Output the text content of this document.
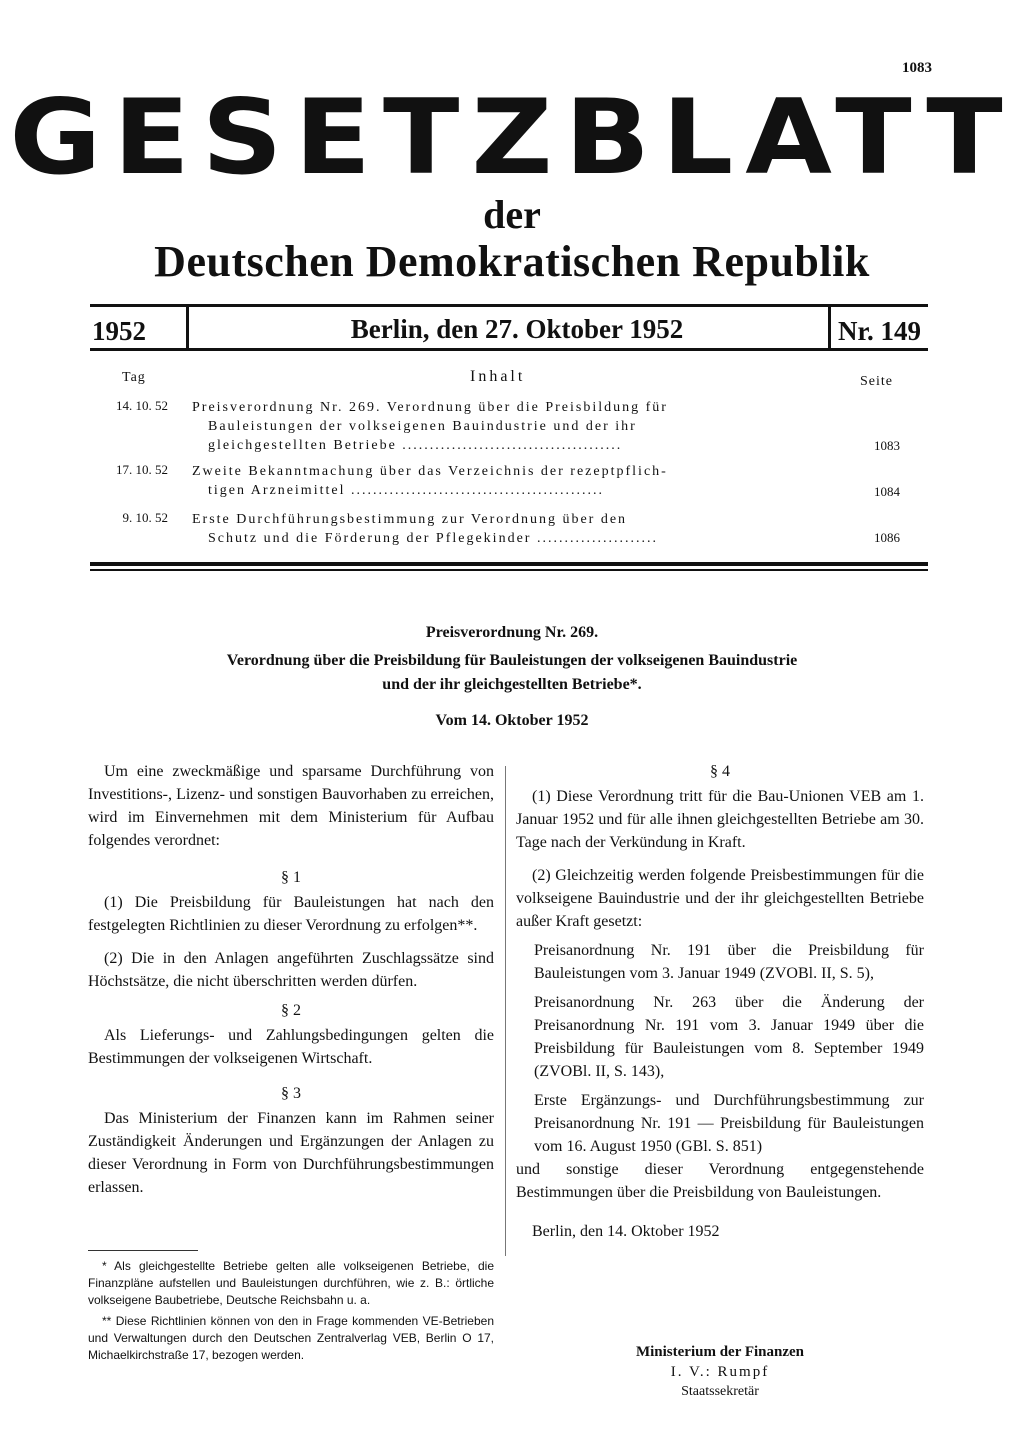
1083
GESETZBLATT
der
Deutschen Demokratischen Republik
1952	Berlin, den 27. Oktober 1952	Nr. 149
Tag	Inhalt	Seite
14. 10. 52 Preisverordnung Nr. 269. Verordnung über die Preisbildung für
Bauleistungen der volkseigenen Bauindustrie und der ihr
gleichgestellten Betriebe ........................................	1083
17. 10. 52 Zweite Bekanntmachung über das Verzeichnis der rezeptpflich-
tigen Arzneimittel ..............................................	1084
9. 10. 52 Erste Durchführungsbestimmung zur Verordnung über den
Schutz und die Förderung der Pflegekinder ......................	1086
Preisverordnung Nr. 269.
Verordnung über die Preisbildung für Bauleistungen der volkseigenen Bauindustrie
und der ihr gleichgestellten Betriebe*.
Vom 14. Oktober 1952

Um eine zweckmäßige und sparsame Durchführung von Investitions-, Lizenz- und sonstigen Bauvorhaben zu erreichen, wird im Einvernehmen mit dem Ministerium für Aufbau folgendes verordnet:

§ 1

(1) Die Preisbildung für Bauleistungen hat nach den festgelegten Richtlinien zu dieser Verordnung zu erfolgen**.

(2) Die in den Anlagen angeführten Zuschlagssätze sind Höchstsätze, die nicht überschritten werden dürfen.

§ 2

Als Lieferungs- und Zahlungsbedingungen gelten die Bestimmungen der volkseigenen Wirtschaft.

§ 3

Das Ministerium der Finanzen kann im Rahmen seiner Zuständigkeit Änderungen und Ergänzungen der Anlagen zu dieser Verordnung in Form von Durchführungsbestimmungen erlassen.

§ 4

(1) Diese Verordnung tritt für die Bau-Unionen VEB am 1. Januar 1952 und für alle ihnen gleichgestellten Betriebe am 30. Tage nach der Verkündung in Kraft.

(2) Gleichzeitig werden folgende Preisbestimmungen für die volkseigene Bauindustrie und der ihr gleichgestellten Betriebe außer Kraft gesetzt:

Preisanordnung Nr. 191 über die Preisbildung für Bauleistungen vom 3. Januar 1949 (ZVOBl. II, S. 5),

Preisanordnung Nr. 263 über die Änderung der Preisanordnung Nr. 191 vom 3. Januar 1949 über die Preisbildung für Bauleistungen vom 8. September 1949 (ZVOBl. II, S. 143),

Erste Ergänzungs- und Durchführungsbestimmung zur Preisanordnung Nr. 191 — Preisbildung für Bauleistungen vom 16. August 1950 (GBl. S. 851)

und sonstige dieser Verordnung entgegenstehende Bestimmungen über die Preisbildung von Bauleistungen.

Berlin, den 14. Oktober 1952

* Als gleichgestellte Betriebe gelten alle volkseigenen Betriebe, die Finanzpläne aufstellen und Bauleistungen durchführen, wie z. B.: örtliche volkseigene Baubetriebe, Deutsche Reichsbahn u. a.

** Diese Richtlinien können von den in Frage kommenden VE-Betrieben und Verwaltungen durch den Deutschen Zentralverlag VEB, Berlin O 17, Michaelkirchstraße 17, bezogen werden.	Ministerium der Finanzen
I. V.: Rumpf
Staatssekretär
